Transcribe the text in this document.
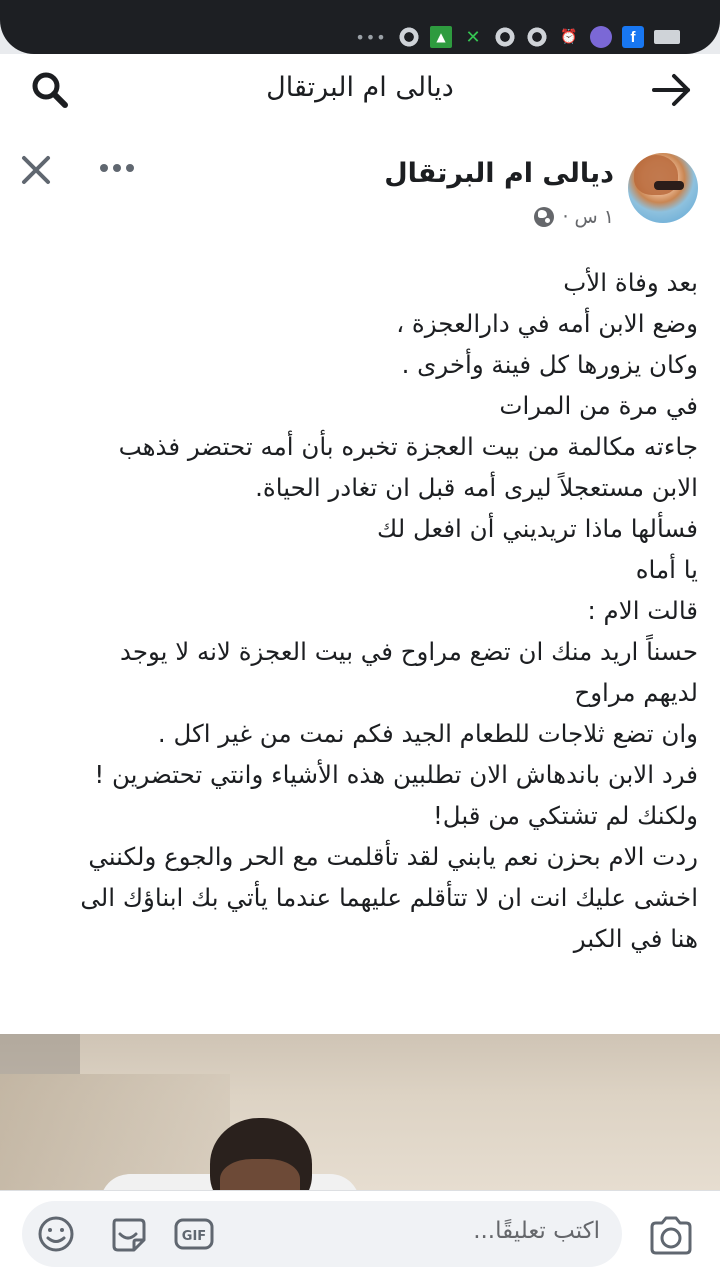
•••	▲	✕	⏰	f
ديالى ام البرتقال
ديالى ام البرتقال
١ س ·
بعد وفاة الأب
وضع الابن أمه في دارالعجزة ،
وكان يزورها كل فينة وأخرى .
في مرة من المرات
جاءته مكالمة من بيت العجزة تخبره بأن أمه تحتضر فذهب
الابن مستعجلاً ليرى أمه قبل ان تغادر الحياة.
فسألها ماذا تريديني أن افعل لك
يا أماه
قالت الام :
حسناً اريد منك ان تضع مراوح في بيت العجزة لانه لا يوجد
لديهم مراوح
وان تضع ثلاجات للطعام الجيد فكم نمت من غير اكل .
فرد الابن باندهاش الان تطلبين هذه الأشياء وانتي تحتضرين !
ولكنك لم تشتكي من قبل!
ردت الام بحزن نعم يابني لقد تأقلمت مع الحر والجوع ولكنني
اخشى عليك انت ان لا تتأقلم عليهما عندما يأتي بك ابناؤك الى
هنا في الكبر
GIF	اكتب تعليقًا...
